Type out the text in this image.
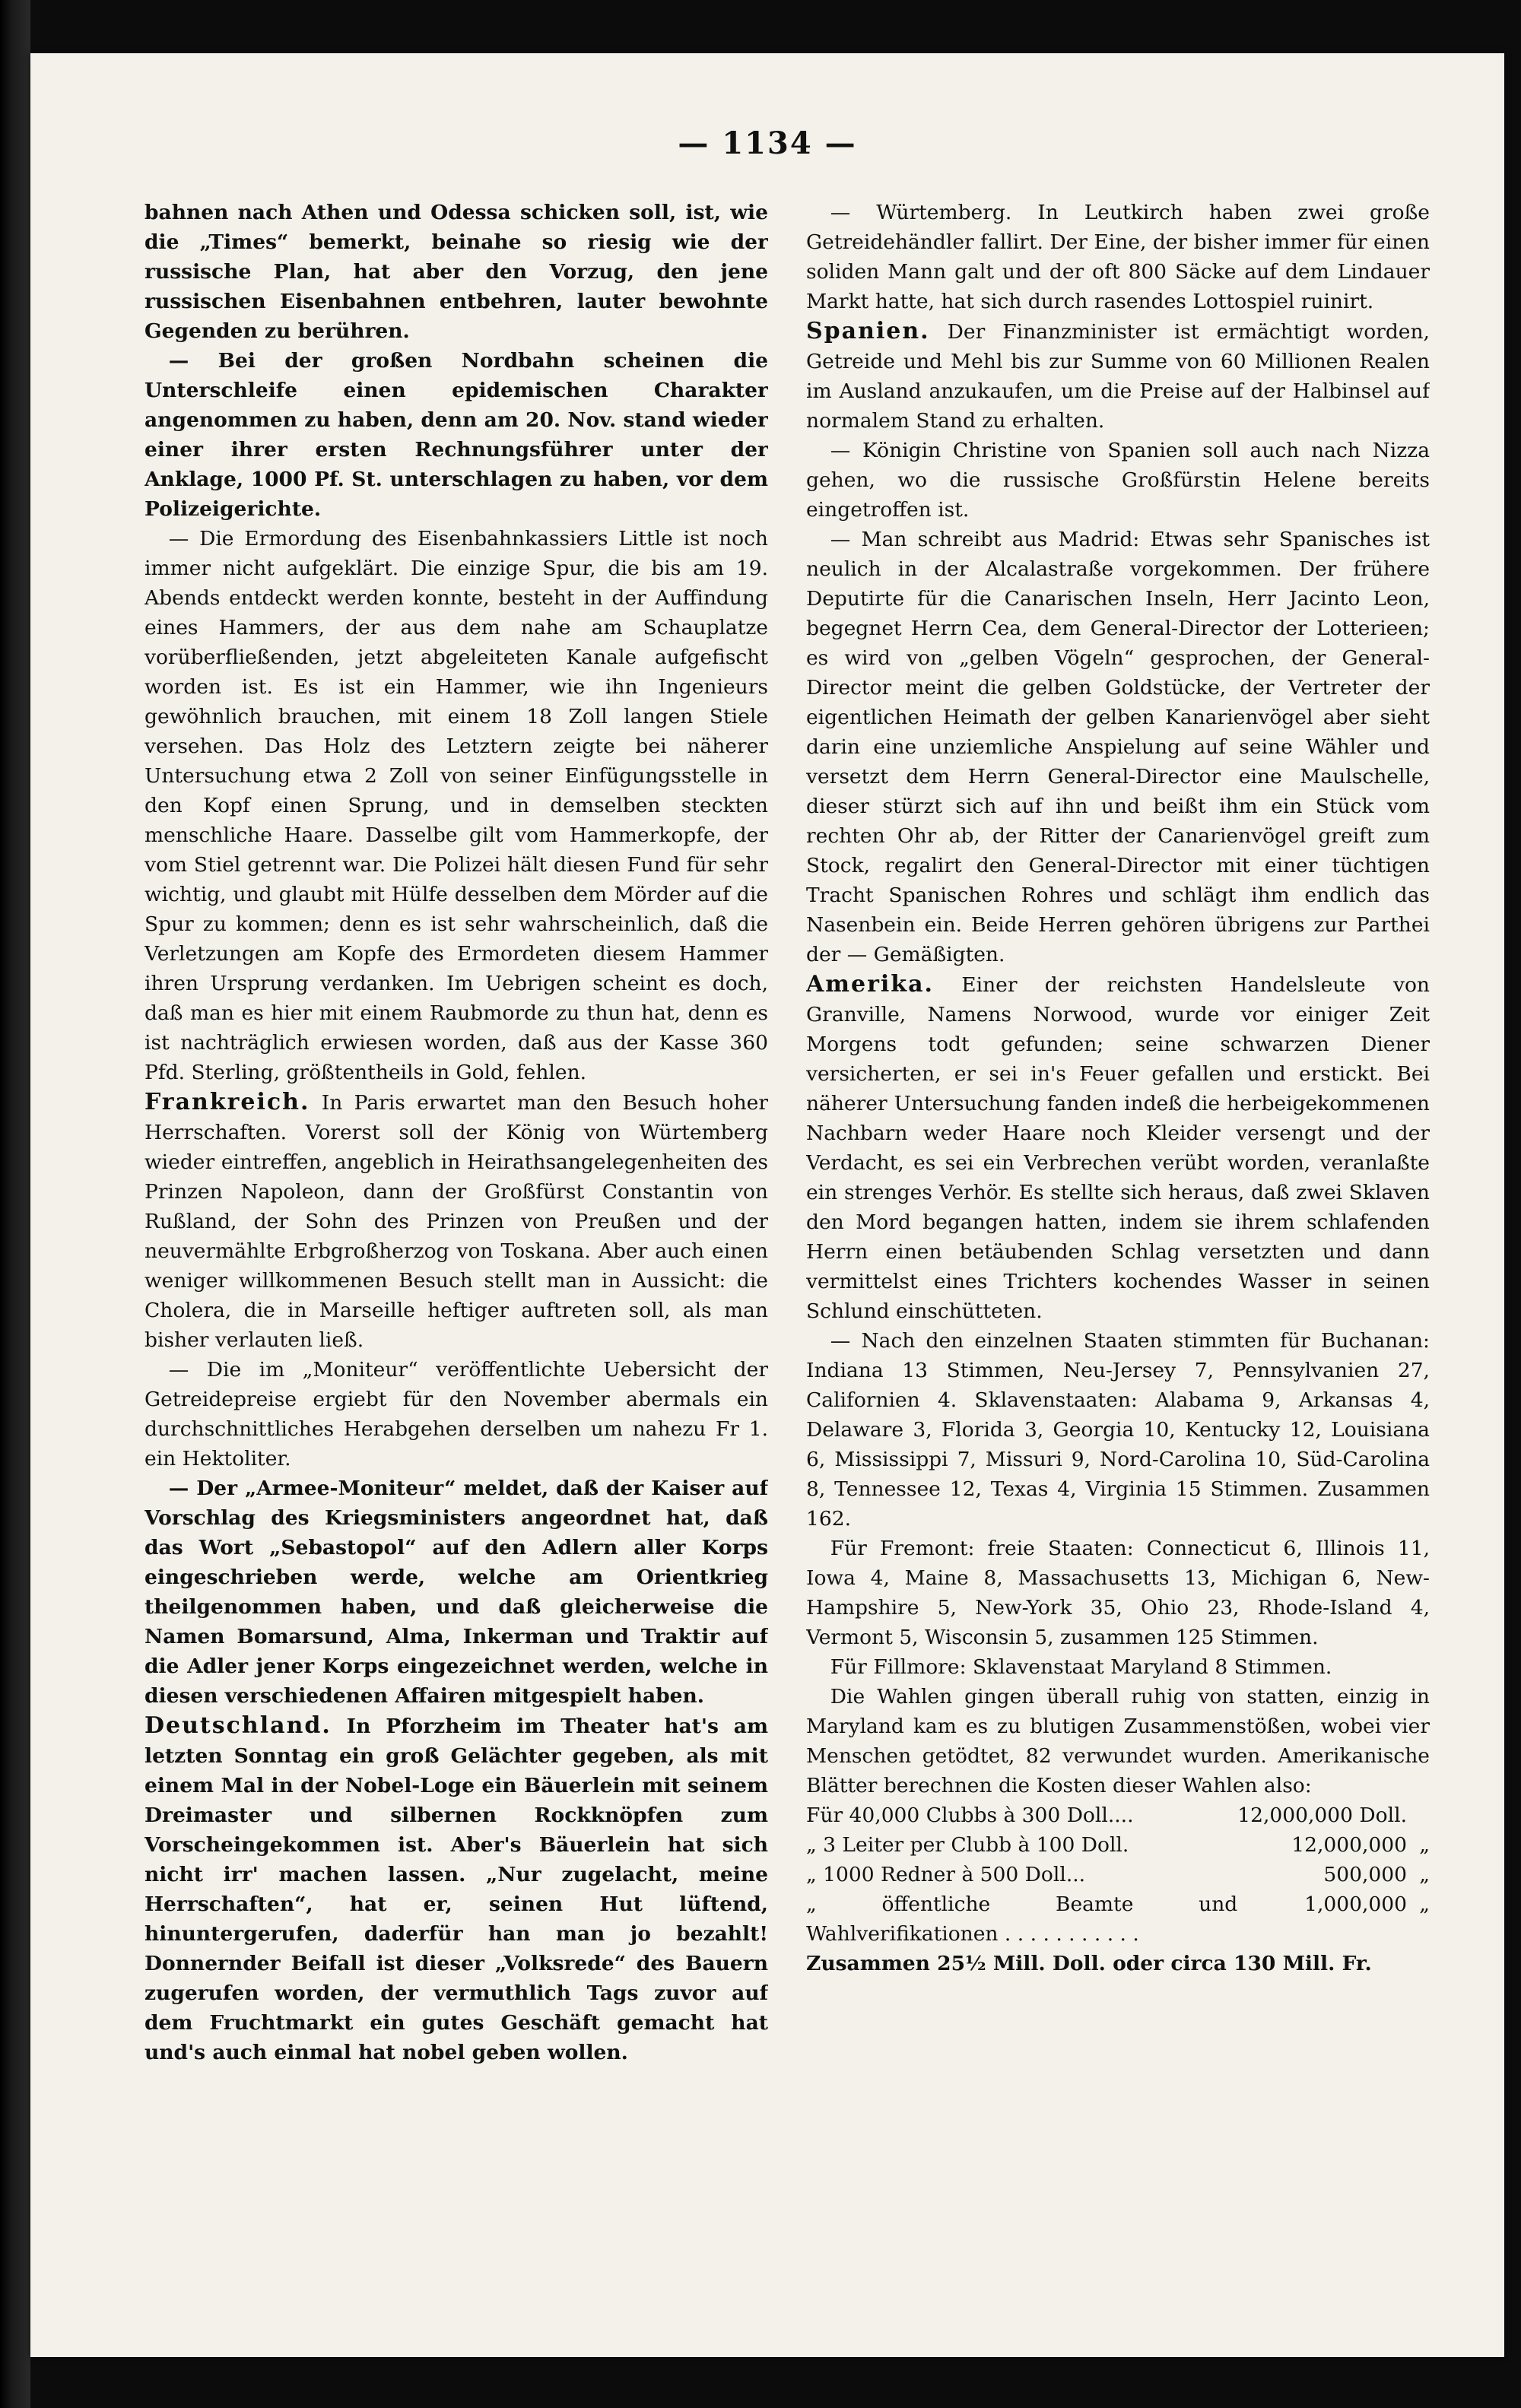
— 1134 —

bahnen nach Athen und Odessa schicken soll, ist, wie die „Times“ bemerkt, beinahe so riesig wie der russische Plan, hat aber den Vorzug, den jene russischen Eisenbahnen entbehren, lauter bewohnte Gegenden zu berühren.

— Bei der großen Nordbahn scheinen die Unterschleife einen epidemischen Charakter angenommen zu haben, denn am 20. Nov. stand wieder einer ihrer ersten Rechnungsführer unter der Anklage, 1000 Pf. St. unterschlagen zu haben, vor dem Polizeigerichte.

— Die Ermordung des Eisenbahnkassiers Little ist noch immer nicht aufgeklärt. Die einzige Spur, die bis am 19. Abends entdeckt werden konnte, besteht in der Auffindung eines Hammers, der aus dem nahe am Schauplatze vorüberfließenden, jetzt abgeleiteten Kanale aufgefischt worden ist. Es ist ein Hammer, wie ihn Ingenieurs gewöhnlich brauchen, mit einem 18 Zoll langen Stiele versehen. Das Holz des Letztern zeigte bei näherer Untersuchung etwa 2 Zoll von seiner Einfügungsstelle in den Kopf einen Sprung, und in demselben steckten menschliche Haare. Dasselbe gilt vom Hammerkopfe, der vom Stiel getrennt war. Die Polizei hält diesen Fund für sehr wichtig, und glaubt mit Hülfe desselben dem Mörder auf die Spur zu kommen; denn es ist sehr wahrscheinlich, daß die Verletzungen am Kopfe des Ermordeten diesem Hammer ihren Ursprung verdanken. Im Uebrigen scheint es doch, daß man es hier mit einem Raubmorde zu thun hat, denn es ist nachträglich erwiesen worden, daß aus der Kasse 360 Pfd. Sterling, größtentheils in Gold, fehlen.

Frankreich. In Paris erwartet man den Besuch hoher Herrschaften. Vorerst soll der König von Würtemberg wieder eintreffen, angeblich in Heirathsangelegenheiten des Prinzen Napoleon, dann der Großfürst Constantin von Rußland, der Sohn des Prinzen von Preußen und der neuvermählte Erbgroßherzog von Toskana. Aber auch einen weniger willkommenen Besuch stellt man in Aussicht: die Cholera, die in Marseille heftiger auftreten soll, als man bisher verlauten ließ.

— Die im „Moniteur“ veröffentlichte Uebersicht der Getreidepreise ergiebt für den November abermals ein durchschnittliches Herabgehen derselben um nahezu Fr 1. ein Hektoliter.

— Der „Armee-Moniteur“ meldet, daß der Kaiser auf Vorschlag des Kriegsministers angeordnet hat, daß das Wort „Sebastopol“ auf den Adlern aller Korps eingeschrieben werde, welche am Orientkrieg theilgenommen haben, und daß gleicherweise die Namen Bomarsund, Alma, Inkerman und Traktir auf die Adler jener Korps eingezeichnet werden, welche in diesen verschiedenen Affairen mitgespielt haben.

Deutschland. In Pforzheim im Theater hat's am letzten Sonntag ein groß Gelächter gegeben, als mit einem Mal in der Nobel-Loge ein Bäuerlein mit seinem Dreimaster und silbernen Rockknöpfen zum Vorscheingekommen ist. Aber's Bäuerlein hat sich nicht irr' machen lassen. „Nur zugelacht, meine Herrschaften“, hat er, seinen Hut lüftend, hinuntergerufen, daderfür han man jo bezahlt! Donnernder Beifall ist dieser „Volksrede“ des Bauern zugerufen worden, der vermuthlich Tags zuvor auf dem Fruchtmarkt ein gutes Geschäft gemacht hat und's auch einmal hat nobel geben wollen.

— Würtemberg. In Leutkirch haben zwei große Getreidehändler fallirt. Der Eine, der bisher immer für einen soliden Mann galt und der oft 800 Säcke auf dem Lindauer Markt hatte, hat sich durch rasendes Lottospiel ruinirt.

Spanien. Der Finanzminister ist ermächtigt worden, Getreide und Mehl bis zur Summe von 60 Millionen Realen im Ausland anzukaufen, um die Preise auf der Halbinsel auf normalem Stand zu erhalten.

— Königin Christine von Spanien soll auch nach Nizza gehen, wo die russische Großfürstin Helene bereits eingetroffen ist.

— Man schreibt aus Madrid: Etwas sehr Spanisches ist neulich in der Alcalastraße vorgekommen. Der frühere Deputirte für die Canarischen Inseln, Herr Jacinto Leon, begegnet Herrn Cea, dem General-Director der Lotterieen; es wird von „gelben Vögeln“ gesprochen, der General-Director meint die gelben Goldstücke, der Vertreter der eigentlichen Heimath der gelben Kanarienvögel aber sieht darin eine unziemliche Anspielung auf seine Wähler und versetzt dem Herrn General-Director eine Maulschelle, dieser stürzt sich auf ihn und beißt ihm ein Stück vom rechten Ohr ab, der Ritter der Canarienvögel greift zum Stock, regalirt den General-Director mit einer tüchtigen Tracht Spanischen Rohres und schlägt ihm endlich das Nasenbein ein. Beide Herren gehören übrigens zur Parthei der — Gemäßigten.

Amerika. Einer der reichsten Handelsleute von Granville, Namens Norwood, wurde vor einiger Zeit Morgens todt gefunden; seine schwarzen Diener versicherten, er sei in's Feuer gefallen und erstickt. Bei näherer Untersuchung fanden indeß die herbeigekommenen Nachbarn weder Haare noch Kleider versengt und der Verdacht, es sei ein Verbrechen verübt worden, veranlaßte ein strenges Verhör. Es stellte sich heraus, daß zwei Sklaven den Mord begangen hatten, indem sie ihrem schlafenden Herrn einen betäubenden Schlag versetzten und dann vermittelst eines Trichters kochendes Wasser in seinen Schlund einschütteten.

— Nach den einzelnen Staaten stimmten für Buchanan: Indiana 13 Stimmen, Neu-Jersey 7, Pennsylvanien 27, Californien 4. Sklavenstaaten: Alabama 9, Arkansas 4, Delaware 3, Florida 3, Georgia 10, Kentucky 12, Louisiana 6, Mississippi 7, Missuri 9, Nord-Carolina 10, Süd-Carolina 8, Tennessee 12, Texas 4, Virginia 15 Stimmen. Zusammen 162.

Für Fremont: freie Staaten: Connecticut 6, Illinois 11, Iowa 4, Maine 8, Massachusetts 13, Michigan 6, New-Hampshire 5, New-York 35, Ohio 23, Rhode-Island 4, Vermont 5, Wisconsin 5, zusammen 125 Stimmen.

Für Fillmore: Sklavenstaat Maryland 8 Stimmen.

Die Wahlen gingen überall ruhig von statten, einzig in Maryland kam es zu blutigen Zusammenstößen, wobei vier Menschen getödtet, 82 verwundet wurden. Amerikanische Blätter berechnen die Kosten dieser Wahlen also:

Für 40,000 Clubbs à 300 Doll....	12,000,000 Doll.	
„ 3 Leiter per Clubb à 100 Doll.	12,000,000	„
„ 1000 Redner à 500 Doll...	500,000	„
„ öffentliche Beamte und Wahlverifikationen . . . . . . . . . . .	1,000,000	„

Zusammen 25½ Mill. Doll. oder circa 130 Mill. Fr.
